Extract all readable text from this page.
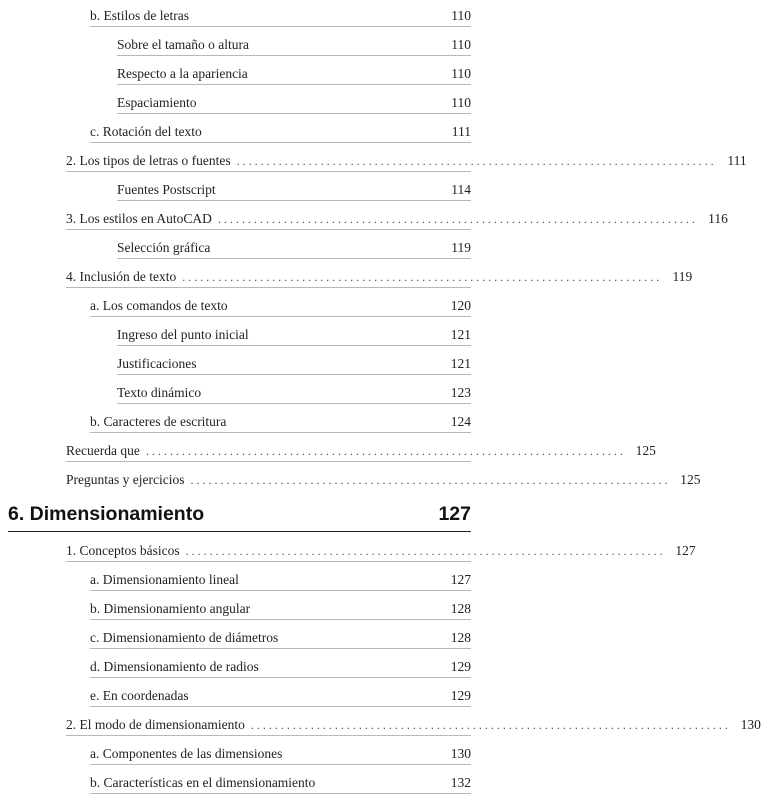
b. Estilos de letras	110
Sobre el tamaño o altura	110
Respecto a la apariencia	110
Espaciamiento	110
c. Rotación del texto	111
2. Los tipos de letras o fuentes ................................................................................ 111
Fuentes Postscript	114
3. Los estilos en AutoCAD ................................................................................ 116
Selección gráfica	119
4. Inclusión de texto ................................................................................ 119
a. Los comandos de texto	120
Ingreso del punto inicial	121
Justificaciones	121
Texto dinámico	123
b. Caracteres de escritura	124
Recuerda que ................................................................................ 125
Preguntas y ejercicios ................................................................................ 125
6. Dimensionamiento	127
1. Conceptos básicos ................................................................................ 127
a. Dimensionamiento lineal	127
b. Dimensionamiento angular	128
c. Dimensionamiento de diámetros	128
d. Dimensionamiento de radios	129
e. En coordenadas	129
2. El modo de dimensionamiento ................................................................................ 130
a. Componentes de las dimensiones	130
b. Características en el dimensionamiento	132
